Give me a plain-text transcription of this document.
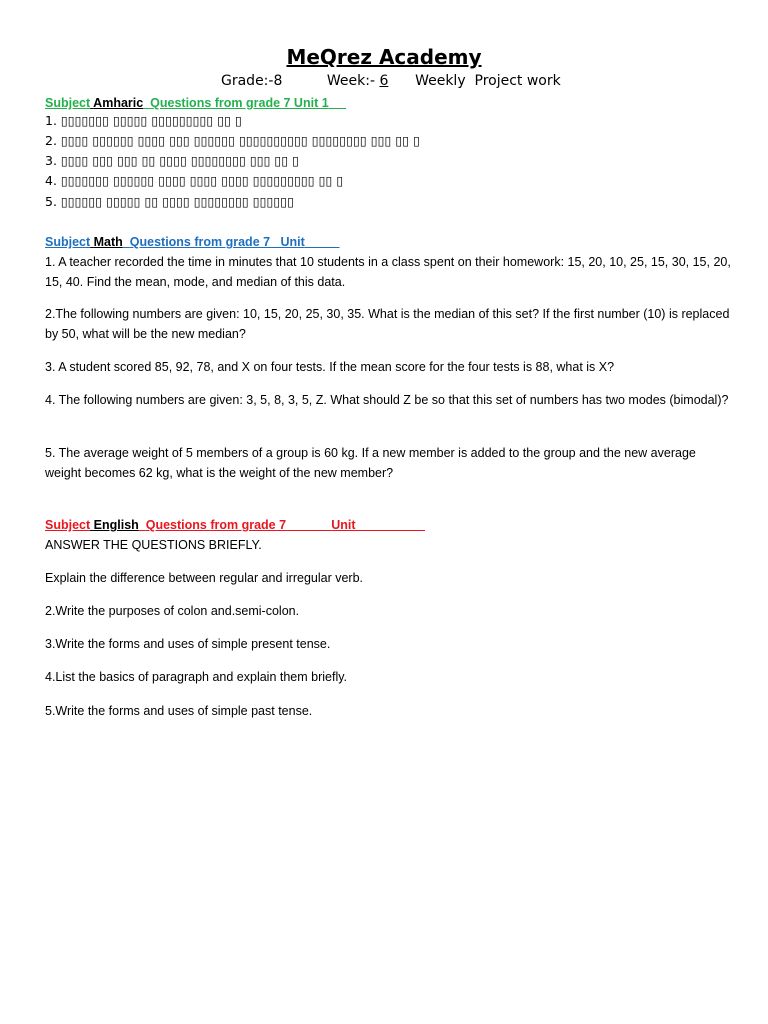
MeQrez Academy
Grade:-8	Week:- 6 Weekly  Project work
Subject Amharic Questions from grade 7 Unit 1
1. ▯▯▯▯▯▯▯ ▯▯▯▯▯ ▯▯▯▯▯▯▯▯▯ ▯▯ ▯
2. ▯▯▯▯ ▯▯▯▯▯▯ ▯▯▯▯ ▯▯▯ ▯▯▯▯▯▯ ▯▯▯▯▯▯▯▯▯▯ ▯▯▯▯▯▯▯▯ ▯▯▯ ▯▯ ▯
3. ▯▯▯▯ ▯▯▯ ▯▯▯ ▯▯ ▯▯▯▯ ▯▯▯▯▯▯▯▯ ▯▯▯ ▯▯ ▯
4. ▯▯▯▯▯▯▯ ▯▯▯▯▯▯ ▯▯▯▯ ▯▯▯▯ ▯▯▯▯ ▯▯▯▯▯▯▯▯▯ ▯▯ ▯
5. ▯▯▯▯▯▯ ▯▯▯▯▯ ▯▯ ▯▯▯▯ ▯▯▯▯▯▯▯▯ ▯▯▯▯▯▯
Subject Math Questions from grade 7   Unit
1. A teacher recorded the time in minutes that 10 students in a class spent on their homework: 15, 20, 10, 25, 15, 30, 15, 20, 15, 40. Find the mean, mode, and median of this data.
2.The following numbers are given: 10, 15, 20, 25, 30, 35. What is the median of this set? If the first number (10) is replaced by 50, what will be the new median?
3. A student scored 85, 92, 78, and X on four tests. If the mean score for the four tests is 88, what is X?
4. The following numbers are given: 3, 5, 8, 3, 5, Z. What should Z be so that this set of numbers has two modes (bimodal)?
5. The average weight of 5 members of a group is 60 kg. If a new member is added to the group and the new average weight becomes 62 kg, what is the weight of the new member?
Subject English Questions from grade 7	Unit_____
ANSWER THE QUESTIONS BRIEFLY.
Explain the difference between regular and irregular verb.
2.Write the purposes of colon and.semi-colon.
3.Write the forms and uses of simple present tense.
4.List the basics of paragraph and explain them briefly.
5.Write the forms and uses of simple past tense.
